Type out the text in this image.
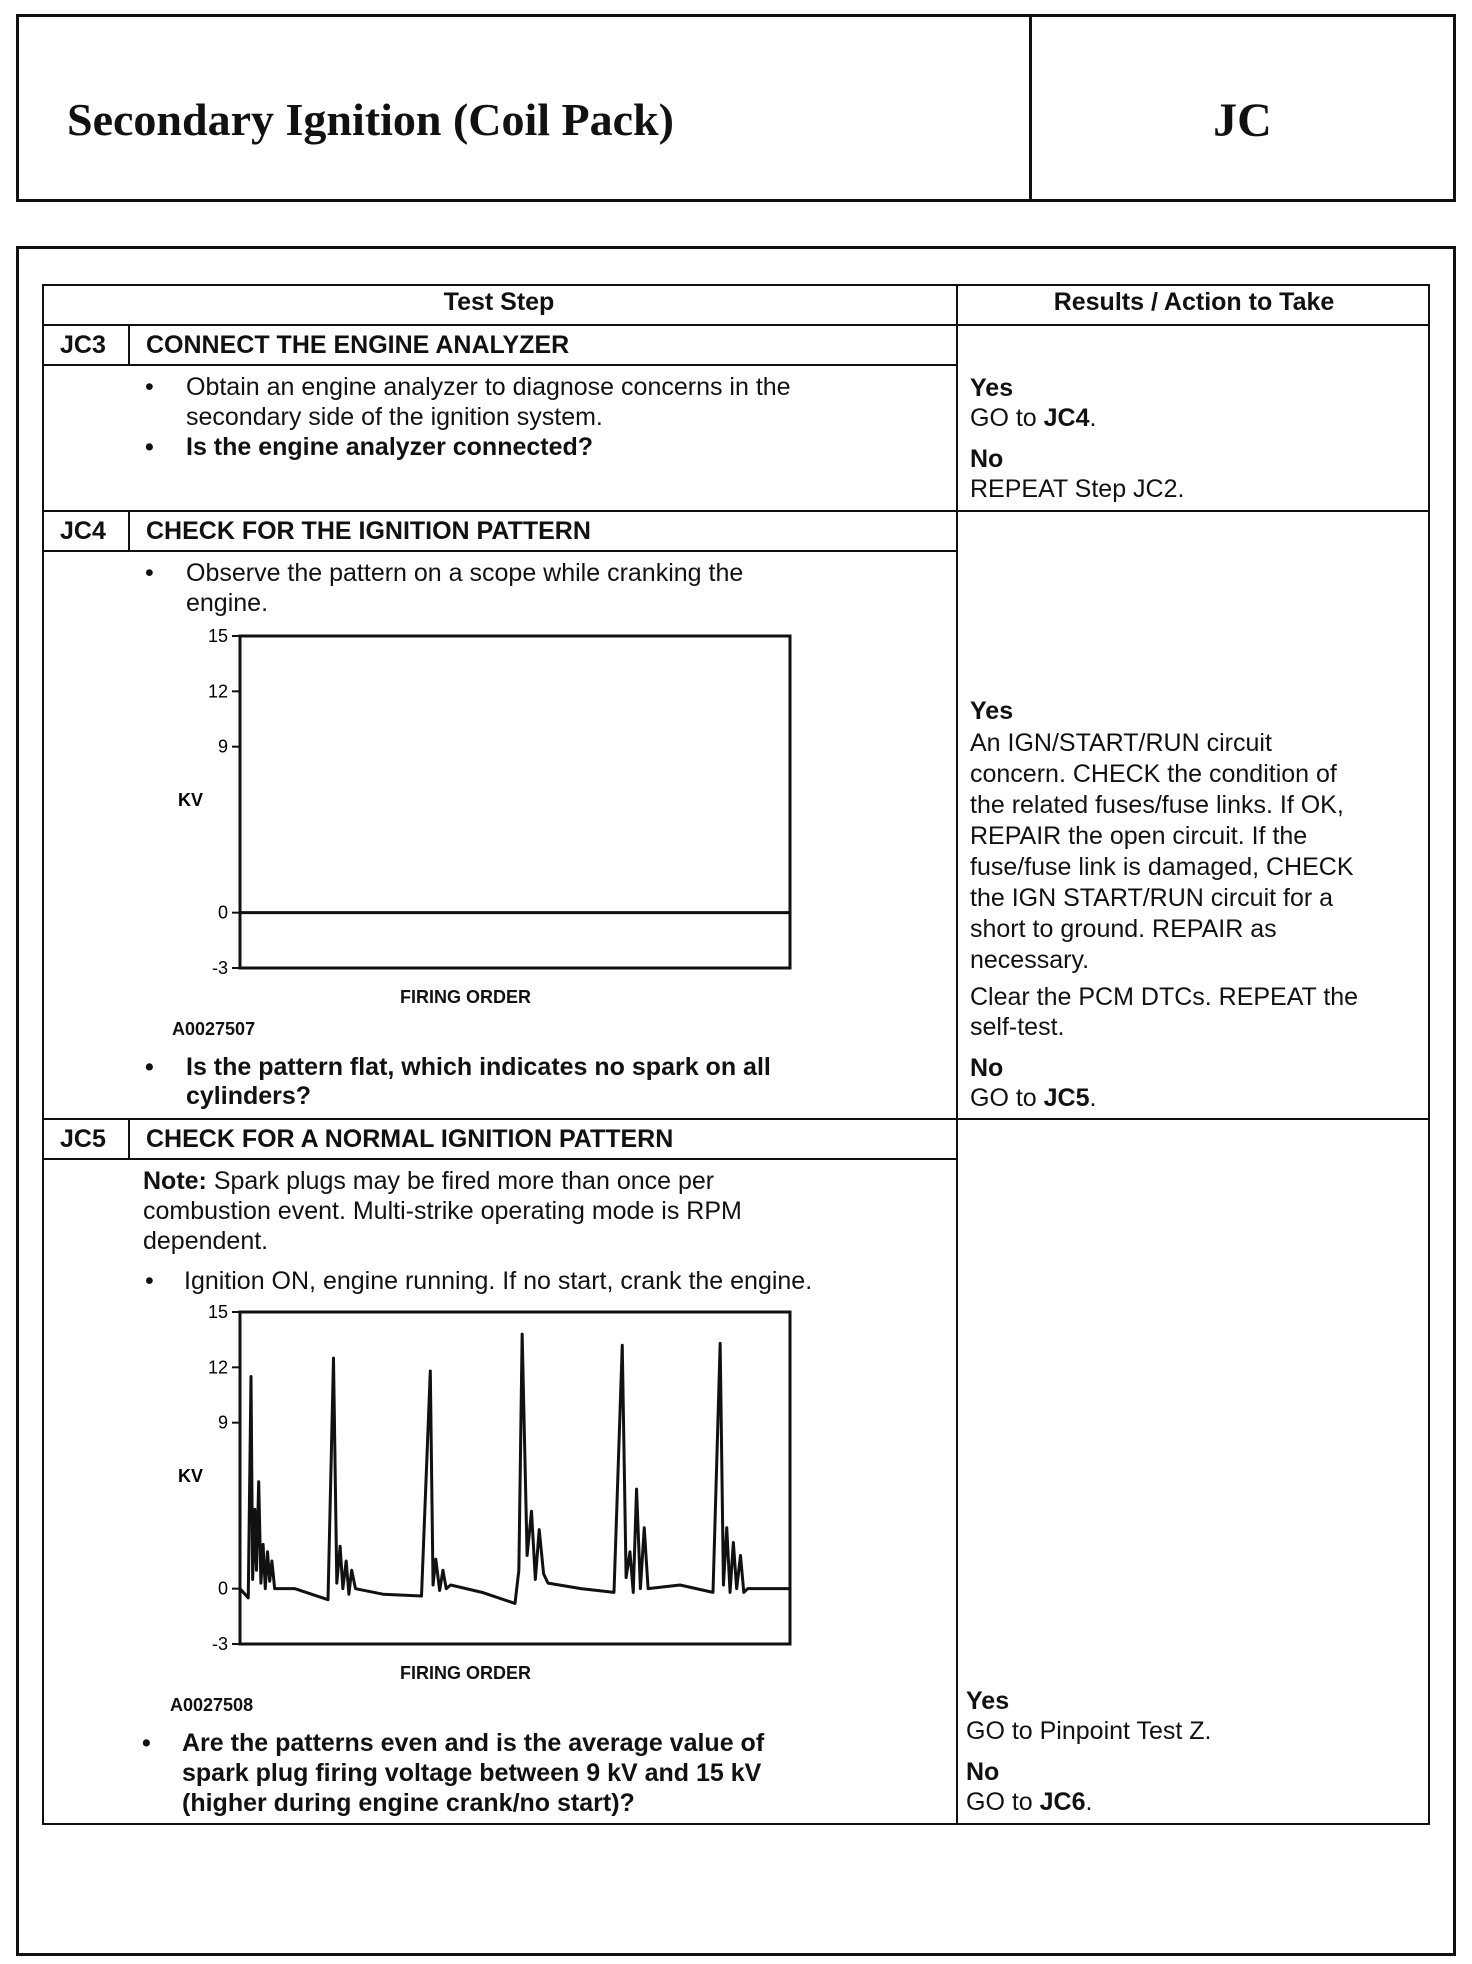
Secondary Ignition (Coil Pack)	JC
Test Step	Results / Action to Take
JC3 CONNECT THE ENGINE ANALYZER
• Obtain an engine analyzer to diagnose concerns in the
secondary side of the ignition system.
• Is the engine analyzer connected?
Yes
GO to JC4.
No
REPEAT Step JC2.
JC4 CHECK FOR THE IGNITION PATTERN
• Observe the pattern on a scope while cranking the
engine.
15
12
9
0
-3
KV
A0027507
• Is the pattern flat, which indicates no spark on all
cylinders?
Yes
An IGN/START/RUN circuit
concern. CHECK the condition of
the related fuses/fuse links. If OK,
REPAIR the open circuit. If the
fuse/fuse link is damaged, CHECK
the IGN START/RUN circuit for a
short to ground. REPAIR as
necessary.
Clear the PCM DTCs. REPEAT the
self-test.
No
GO to JC5.
JC5 CHECK FOR A NORMAL IGNITION PATTERN
Note: Spark plugs may be fired more than once per
combustion event. Multi-strike operating mode is RPM
dependent.
• Ignition ON, engine running. If no start, crank the engine.
15
12
9
0
-3
KV
A0027508
• Are the patterns even and is the average value of
spark plug firing voltage between 9 kV and 15 kV
(higher during engine crank/no start)?
Yes
GO to Pinpoint Test Z.
No
GO to JC6.
FIRING ORDER
FIRING ORDER
